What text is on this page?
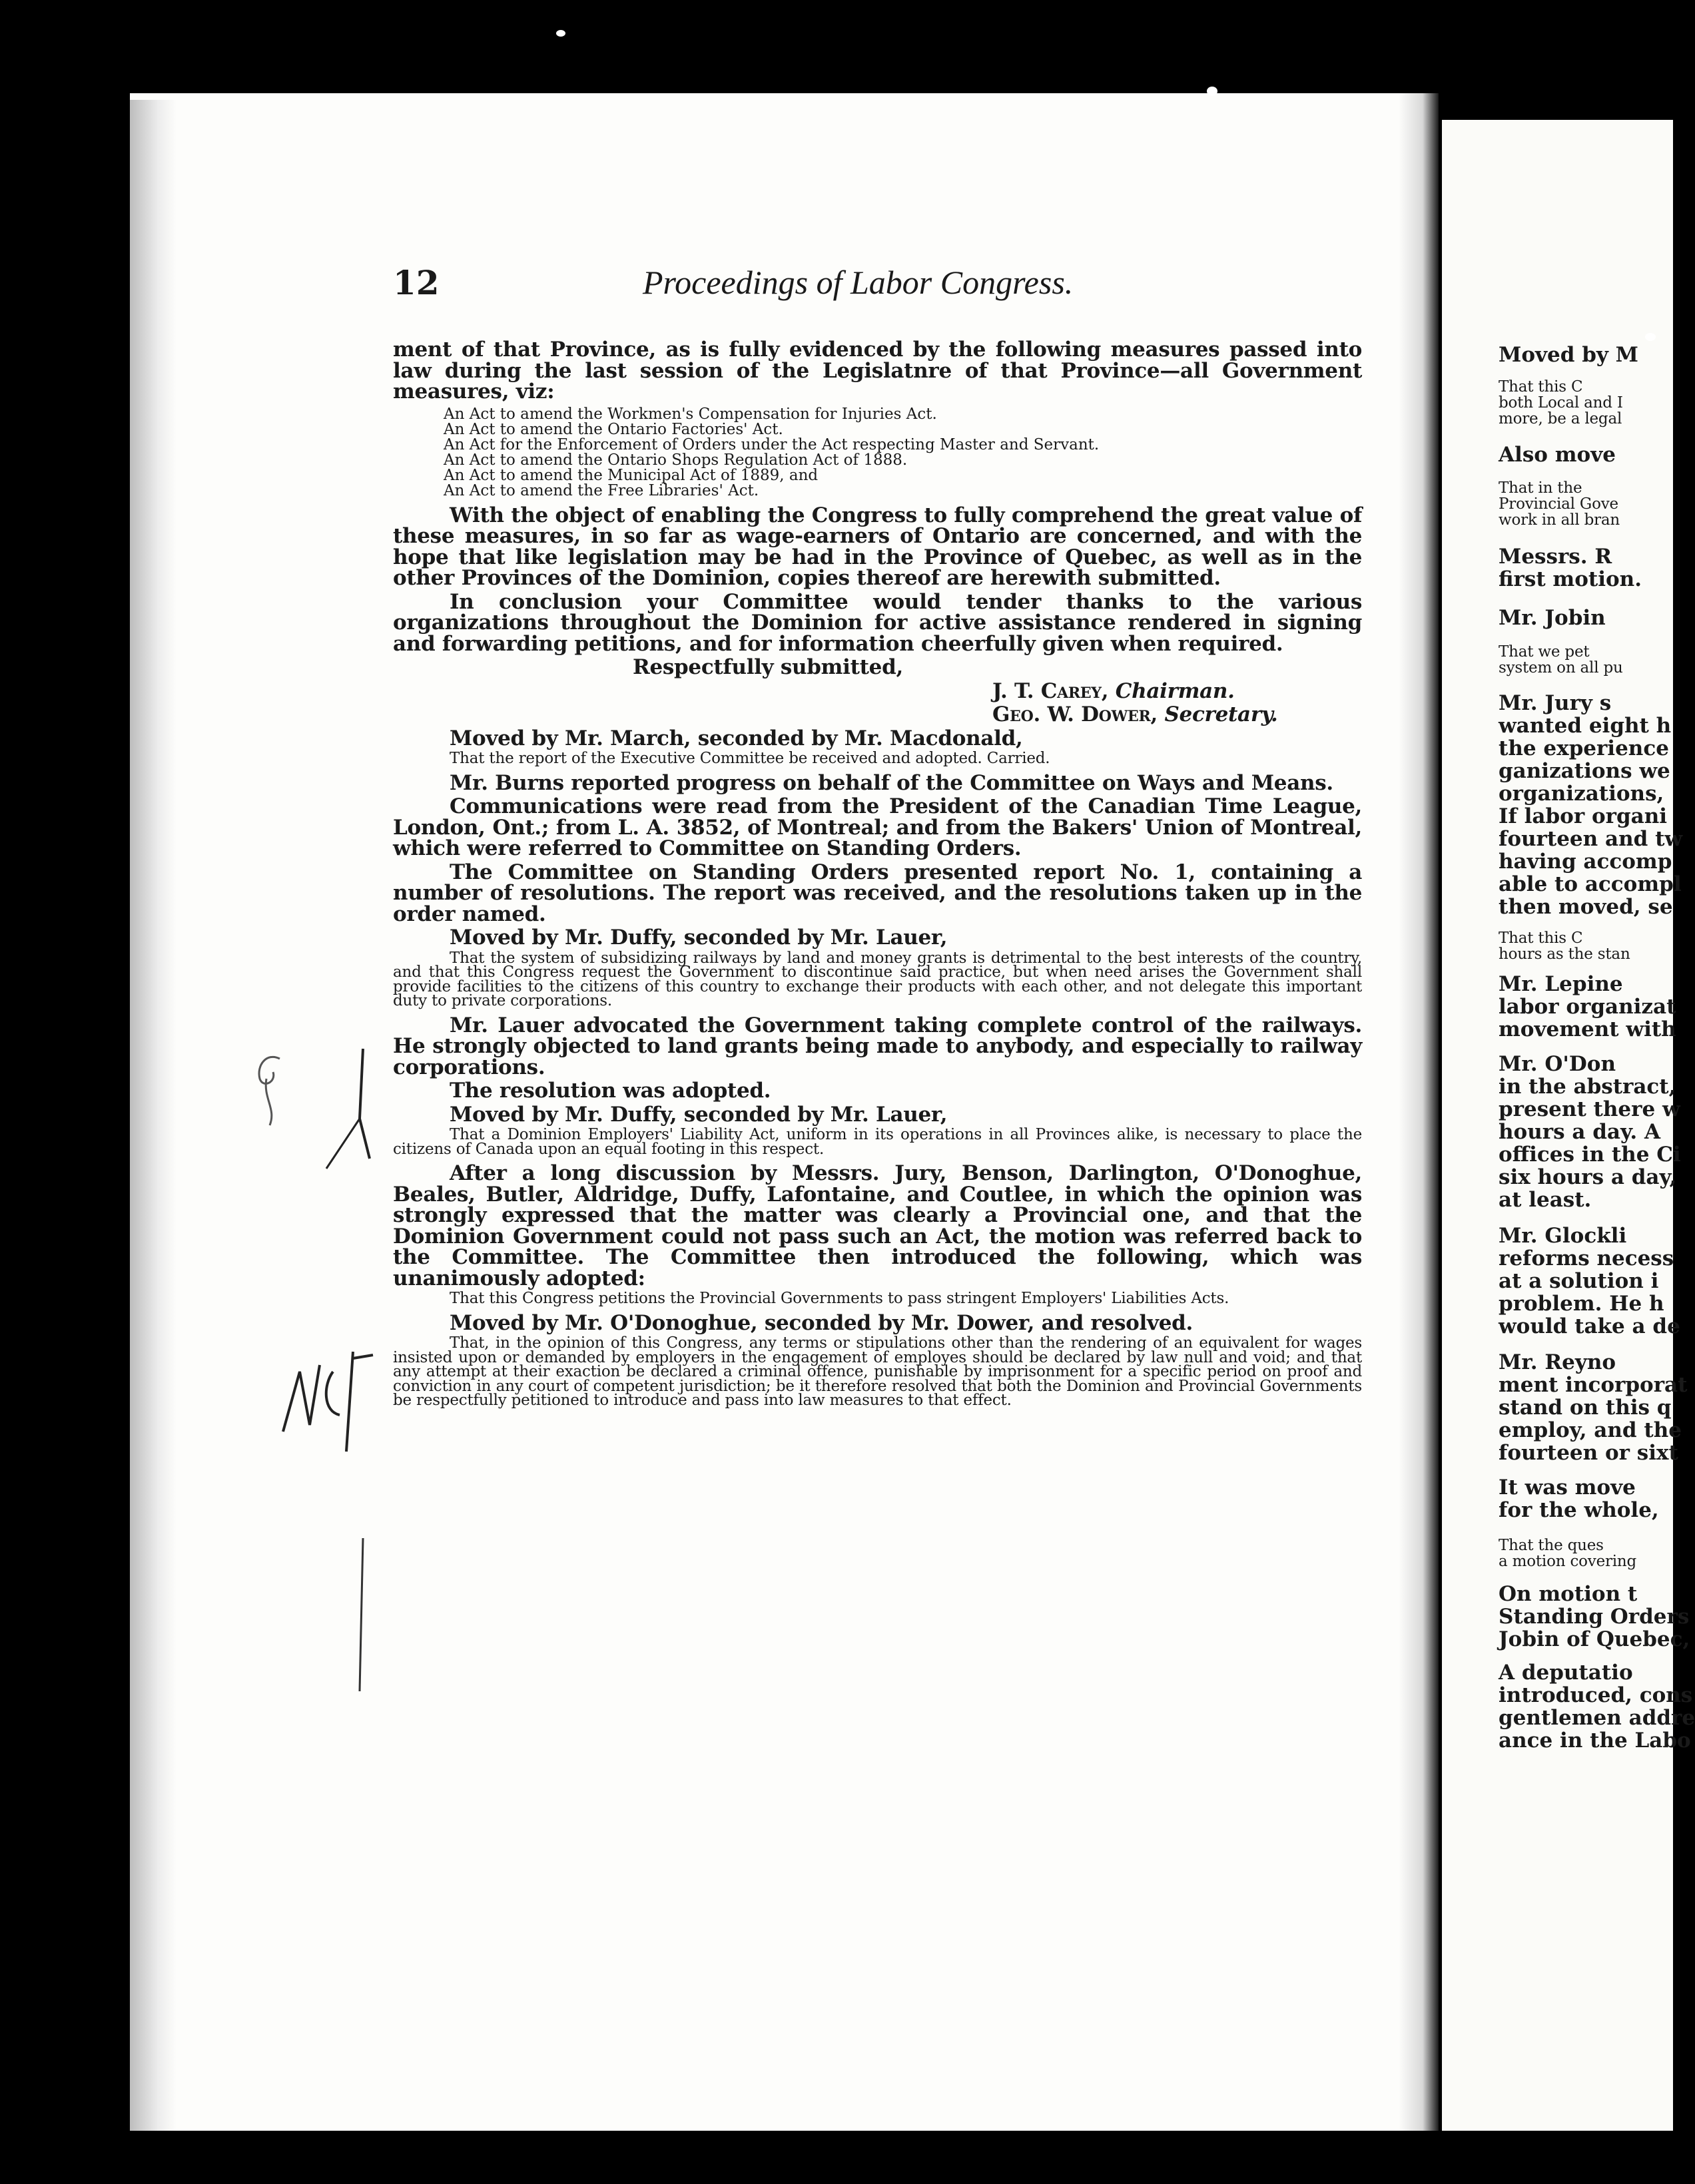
12	Proceedings of Labor Congress.

ment of that Province, as is fully evidenced by the following measures passed into law during the last session of the Legislatnre of that Province—all Government measures, viz:

An Act to amend the Workmen's Compensation for Injuries Act.
An Act to amend the Ontario Factories' Act.
An Act for the Enforcement of Orders under the Act respecting Master and Servant.
An Act to amend the Ontario Shops Regulation Act of 1888.
An Act to amend the Municipal Act of 1889, and
An Act to amend the Free Libraries' Act.

With the object of enabling the Congress to fully comprehend the great value of these measures, in so far as wage-earners of Ontario are concerned, and with the hope that like legislation may be had in the Province of Quebec, as well as in the other Provinces of the Dominion, copies thereof are herewith submitted.

In conclusion your Committee would tender thanks to the various organizations throughout the Dominion for active assistance rendered in signing and forwarding petitions, and for information cheerfully given when required.

Respectfully submitted,

J. T. Carey, Chairman.

Geo. W. Dower, Secretary.

Moved by Mr. March, seconded by Mr. Macdonald,

That the report of the Executive Committee be received and adopted. Carried.

Mr. Burns reported progress on behalf of the Committee on Ways and Means.

Communications were read from the President of the Canadian Time League, London, Ont.; from L. A. 3852, of Montreal; and from the Bakers' Union of Montreal, which were referred to Committee on Standing Orders.

The Committee on Standing Orders presented report No. 1, containing a number of resolutions. The report was received, and the resolutions taken up in the order named.

Moved by Mr. Duffy, seconded by Mr. Lauer,

That the system of subsidizing railways by land and money grants is detrimental to the best interests of the country, and that this Congress request the Government to discontinue said practice, but when need arises the Government shall provide facilities to the citizens of this country to exchange their products with each other, and not delegate this important duty to private corporations.

Mr. Lauer advocated the Government taking complete control of the railways. He strongly objected to land grants being made to anybody, and especially to railway corporations.

The resolution was adopted.

Moved by Mr. Duffy, seconded by Mr. Lauer,

That a Dominion Employers' Liability Act, uniform in its operations in all Provinces alike, is necessary to place the citizens of Canada upon an equal footing in this respect.

After a long discussion by Messrs. Jury, Benson, Darlington, O'Donoghue, Beales, Butler, Aldridge, Duffy, Lafontaine, and Coutlee, in which the opinion was strongly expressed that the matter was clearly a Provincial one, and that the Dominion Government could not pass such an Act, the motion was referred back to the Committee. The Committee then introduced the following, which was unanimously adopted:

That this Congress petitions the Provincial Governments to pass stringent Employers' Liabilities Acts.

Moved by Mr. O'Donoghue, seconded by Mr. Dower, and resolved.

That, in the opinion of this Congress, any terms or stipulations other than the rendering of an equivalent for wages insisted upon or demanded by employers in the engagement of employes should be declared by law null and void; and that any attempt at their exaction be declared a criminal offence, punishable by imprisonment for a specific period on proof and conviction in any court of competent jurisdiction; be it therefore resolved that both the Dominion and Provincial Governments be respectfully petitioned to introduce and pass into law measures to that effect.

Moved by M
That this C
both Local and I
more, be a legal
Also move
That in the
Provincial Gove
work in all bran
Messrs. R
first motion.
Mr. Jobin
That we pet
system on all pu
Mr. Jury s
wanted eight h
the experience
ganizations we
organizations,
If labor organi
fourteen and tw
having accomp
able to accompl
then moved, se
That this C
hours as the stan
Mr. Lepine
labor organizat
movement with
Mr. O'Don
in the abstract,
present there w
hours a day. A
offices in the Ci
six hours a day,
at least.
Mr. Glockli
reforms necess
at a solution i
problem. He h
would take a de
Mr. Reyno
ment incorporat
stand on this q
employ, and the
fourteen or sixt
It was move
for the whole,
That the ques
a motion covering
On motion t
Standing Orders
Jobin of Quebec,
A deputatio
introduced, cons
gentlemen addre
ance in the Labo
